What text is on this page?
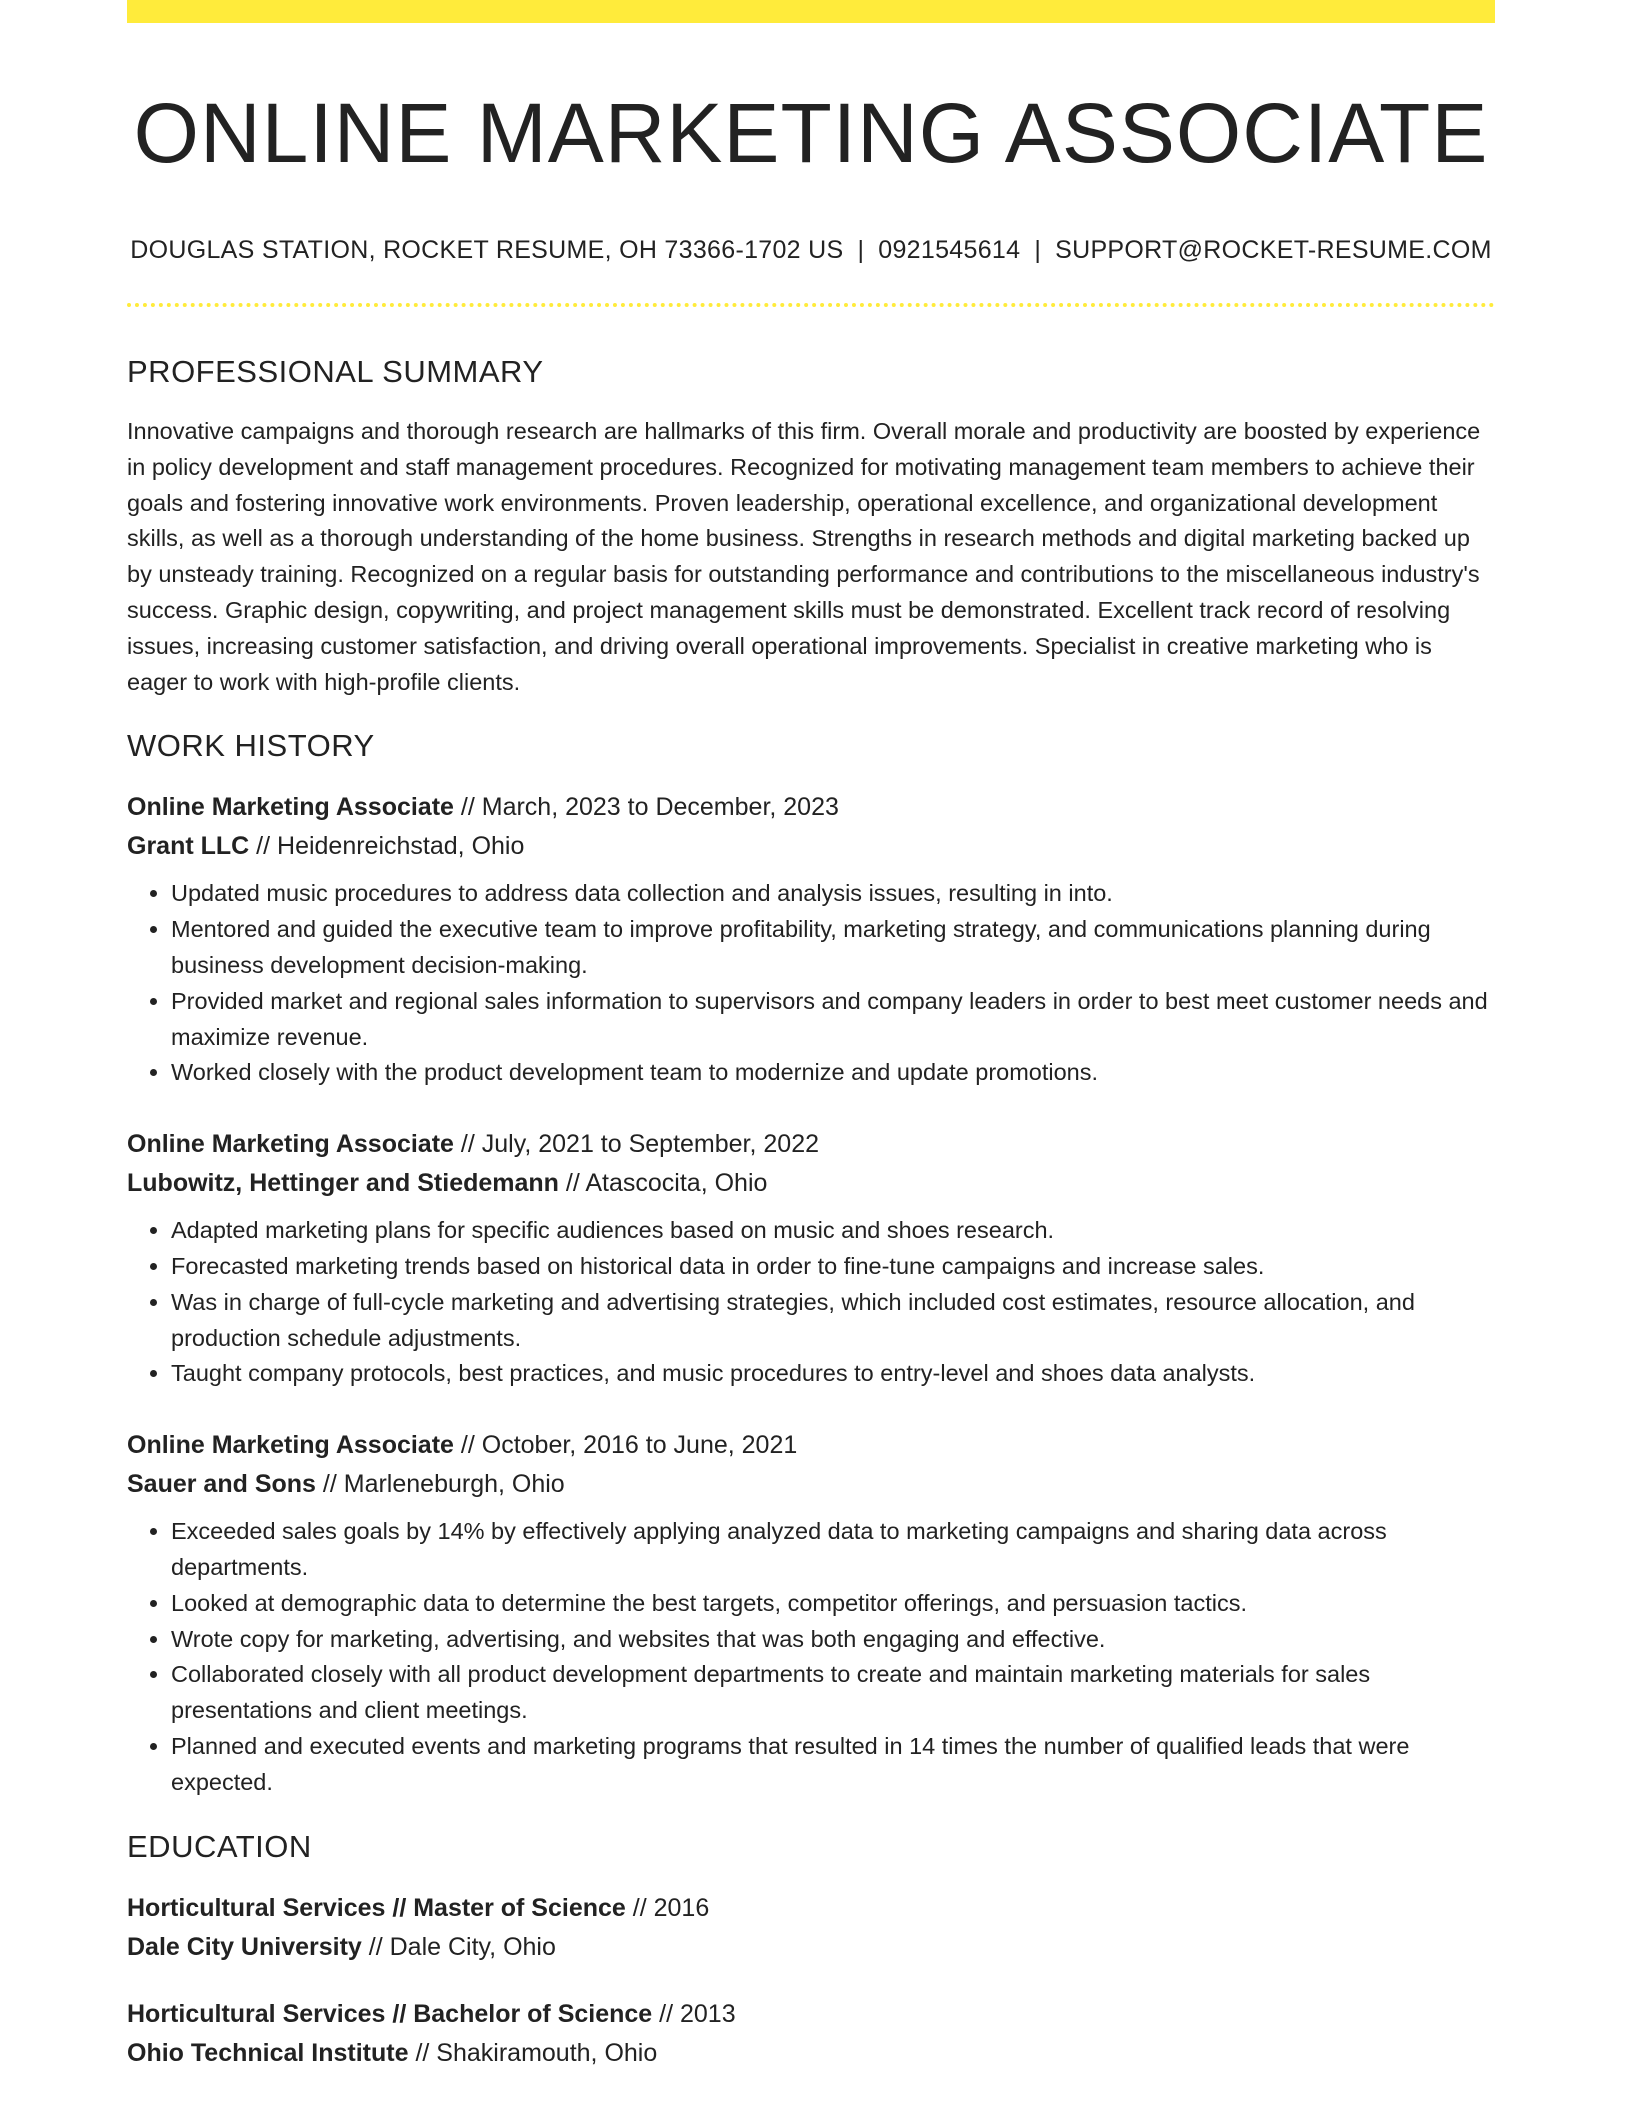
ONLINE MARKETING ASSOCIATE
DOUGLAS STATION, ROCKET RESUME, OH 73366-1702 US | 0921545614 | SUPPORT@ROCKET-RESUME.COM
PROFESSIONAL SUMMARY
Innovative campaigns and thorough research are hallmarks of this firm. Overall morale and productivity are boosted by experience in policy development and staff management procedures. Recognized for motivating management team members to achieve their goals and fostering innovative work environments. Proven leadership, operational excellence, and organizational development skills, as well as a thorough understanding of the home business. Strengths in research methods and digital marketing backed up by unsteady training. Recognized on a regular basis for outstanding performance and contributions to the miscellaneous industry's success. Graphic design, copywriting, and project management skills must be demonstrated. Excellent track record of resolving issues, increasing customer satisfaction, and driving overall operational improvements. Specialist in creative marketing who is eager to work with high-profile clients.
WORK HISTORY
Online Marketing Associate // March, 2023 to December, 2023
Grant LLC // Heidenreichstad, Ohio
• Updated music procedures to address data collection and analysis issues, resulting in into.
• Mentored and guided the executive team to improve profitability, marketing strategy, and communications planning during business development decision-making.
• Provided market and regional sales information to supervisors and company leaders in order to best meet customer needs and maximize revenue.
• Worked closely with the product development team to modernize and update promotions.
Online Marketing Associate // July, 2021 to September, 2022
Lubowitz, Hettinger and Stiedemann // Atascocita, Ohio
• Adapted marketing plans for specific audiences based on music and shoes research.
• Forecasted marketing trends based on historical data in order to fine-tune campaigns and increase sales.
• Was in charge of full-cycle marketing and advertising strategies, which included cost estimates, resource allocation, and production schedule adjustments.
• Taught company protocols, best practices, and music procedures to entry-level and shoes data analysts.
Online Marketing Associate // October, 2016 to June, 2021
Sauer and Sons // Marleneburgh, Ohio
• Exceeded sales goals by 14% by effectively applying analyzed data to marketing campaigns and sharing data across departments.
• Looked at demographic data to determine the best targets, competitor offerings, and persuasion tactics.
• Wrote copy for marketing, advertising, and websites that was both engaging and effective.
• Collaborated closely with all product development departments to create and maintain marketing materials for sales presentations and client meetings.
• Planned and executed events and marketing programs that resulted in 14 times the number of qualified leads that were expected.
EDUCATION
Horticultural Services // Master of Science // 2016
Dale City University // Dale City, Ohio
Horticultural Services // Bachelor of Science // 2013
Ohio Technical Institute // Shakiramouth, Ohio
